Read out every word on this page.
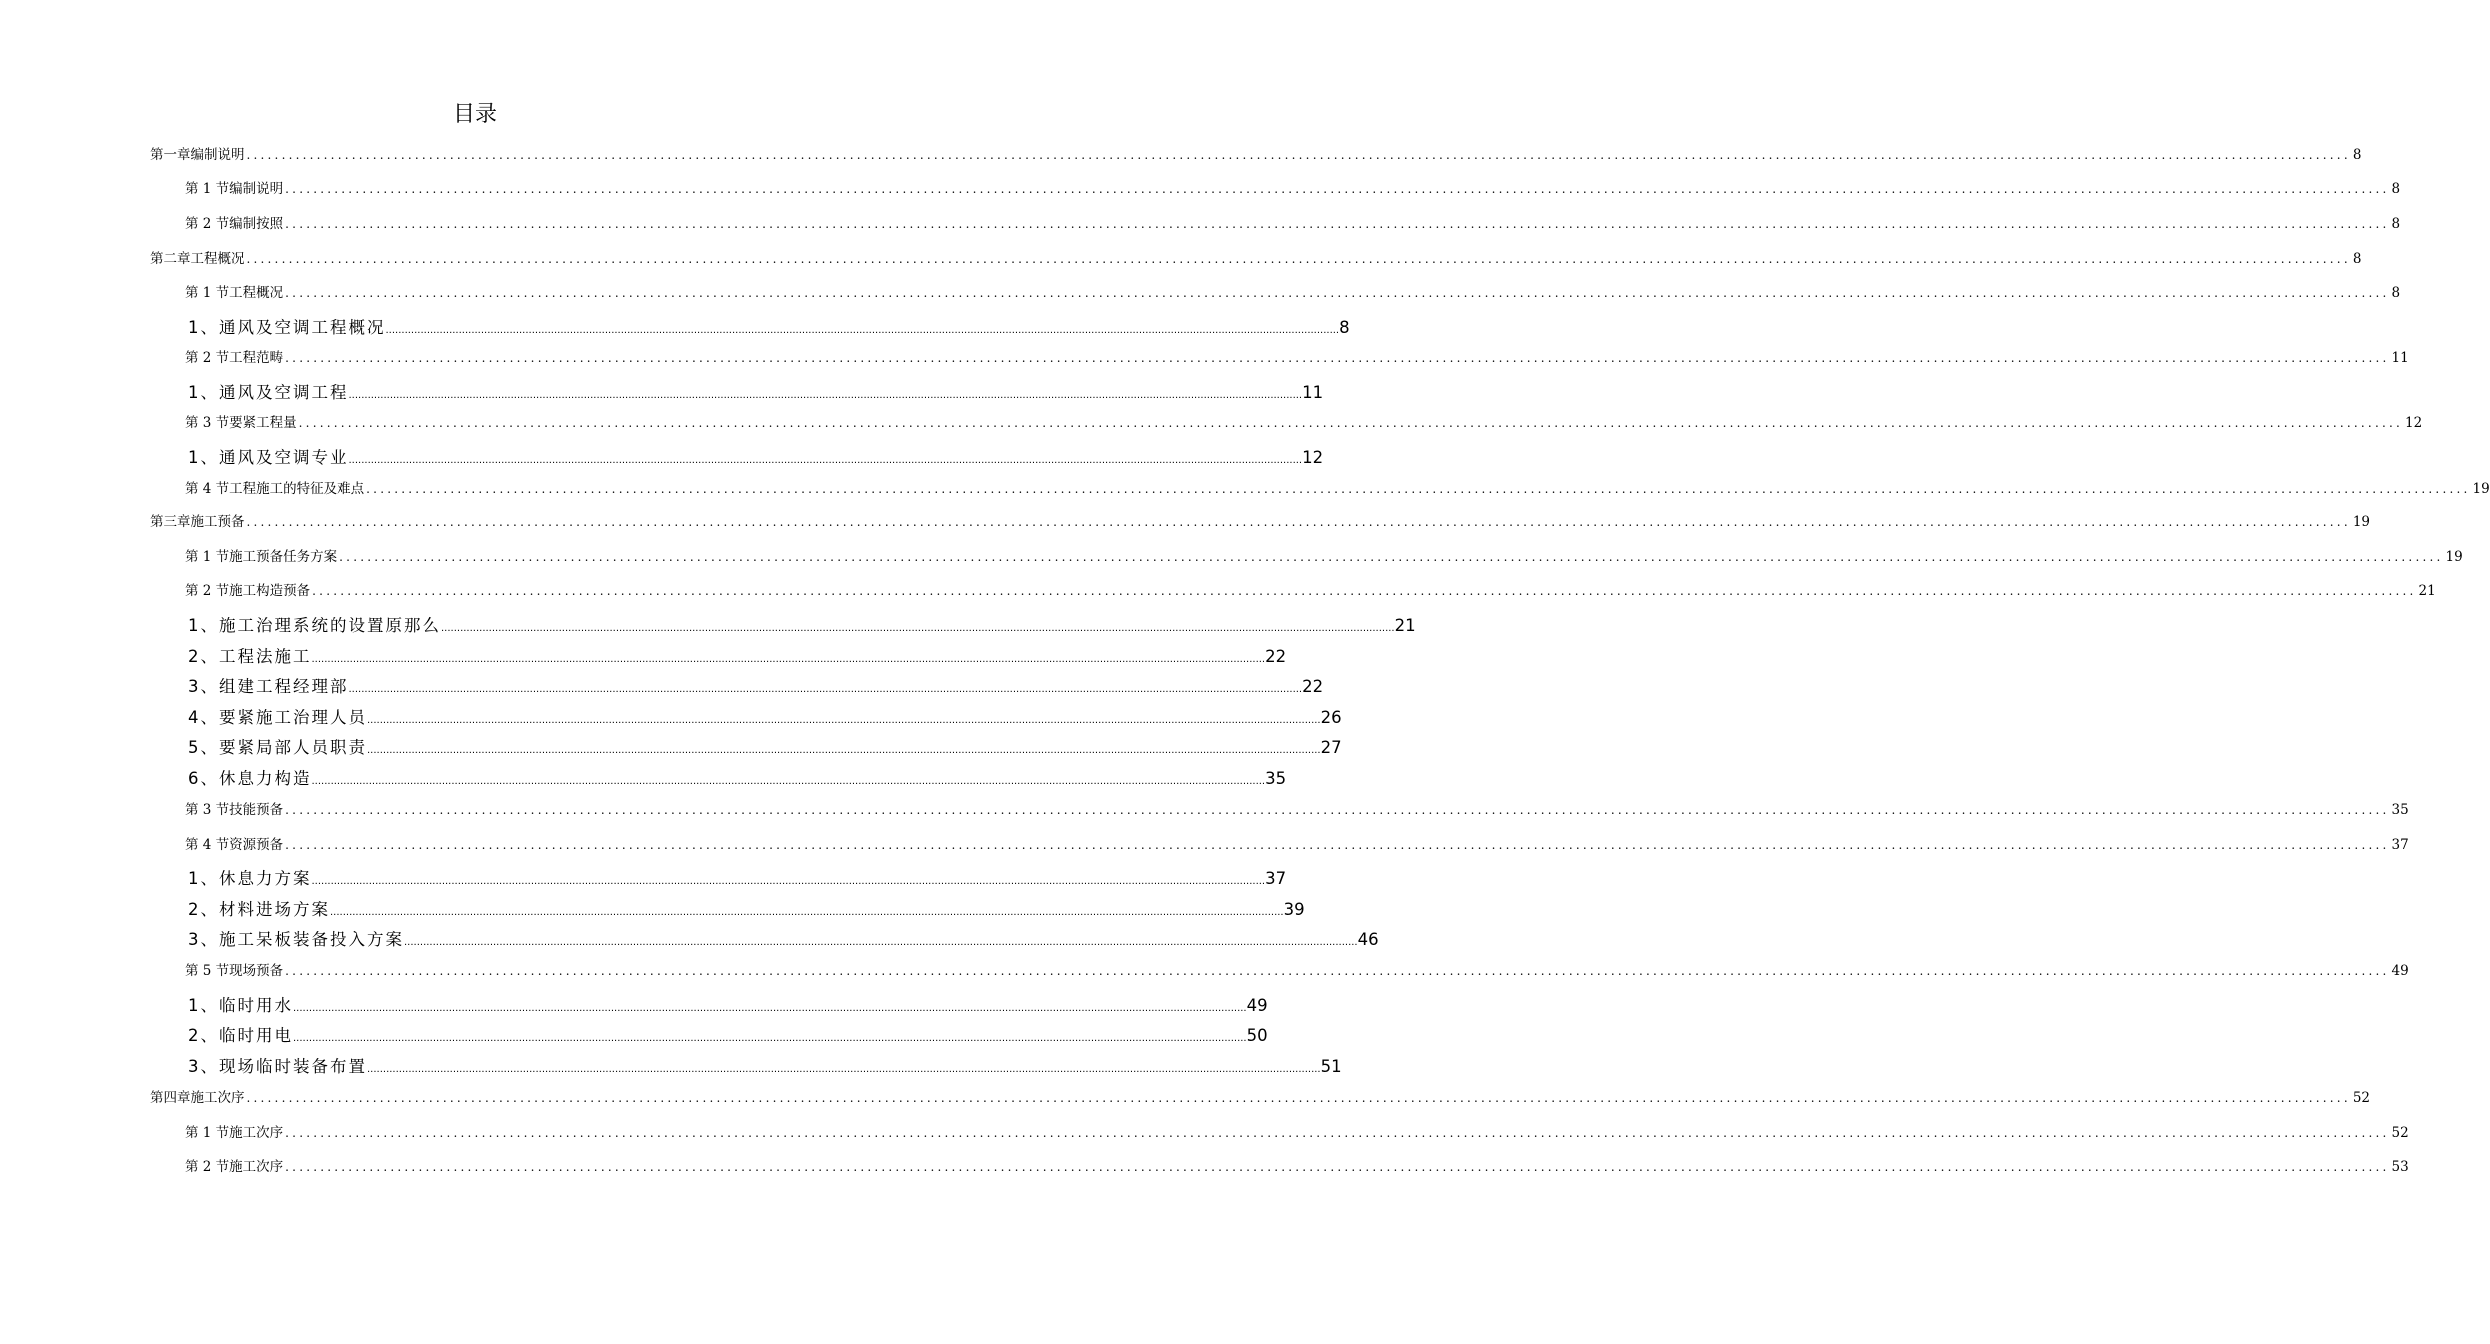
目录
第一章编制说明 ............................................................................................................................................................................................................................................................................................................ 8
第 1 节编制说明 ............................................................................................................................................................................................................................................................................................................ 8
第 2 节编制按照 ............................................................................................................................................................................................................................................................................................................ 8
第二章工程概况 ............................................................................................................................................................................................................................................................................................................ 8
第 1 节工程概况 ............................................................................................................................................................................................................................................................................................................ 8
1、通风及空调工程概况 ............................................................................................................................................................................................................................................................................................................ 8
第 2 节工程范畴 ............................................................................................................................................................................................................................................................................................................ 11
1、通风及空调工程 ............................................................................................................................................................................................................................................................................................................ 11
第 3 节要紧工程量 ............................................................................................................................................................................................................................................................................................................ 12
1、通风及空调专业 ............................................................................................................................................................................................................................................................................................................ 12
第 4 节工程施工的特征及难点 ............................................................................................................................................................................................................................................................................................................ 19
第三章施工预备 ............................................................................................................................................................................................................................................................................................................ 19
第 1 节施工预备任务方案 ............................................................................................................................................................................................................................................................................................................ 19
第 2 节施工构造预备 ............................................................................................................................................................................................................................................................................................................ 21
1、施工治理系统的设置原那么 ............................................................................................................................................................................................................................................................................................................ 21
2、工程法施工 ............................................................................................................................................................................................................................................................................................................ 22
3、组建工程经理部 ............................................................................................................................................................................................................................................................................................................ 22
4、要紧施工治理人员 ............................................................................................................................................................................................................................................................................................................ 26
5、要紧局部人员职责 ............................................................................................................................................................................................................................................................................................................ 27
6、休息力构造 ............................................................................................................................................................................................................................................................................................................ 35
第 3 节技能预备 ............................................................................................................................................................................................................................................................................................................ 35
第 4 节资源预备 ............................................................................................................................................................................................................................................................................................................ 37
1、休息力方案 ............................................................................................................................................................................................................................................................................................................ 37
2、材料进场方案 ............................................................................................................................................................................................................................................................................................................ 39
3、施工呆板装备投入方案 ............................................................................................................................................................................................................................................................................................................ 46
第 5 节现场预备 ............................................................................................................................................................................................................................................................................................................ 49
1、临时用水 ............................................................................................................................................................................................................................................................................................................ 49
2、临时用电 ............................................................................................................................................................................................................................................................................................................ 50
3、现场临时装备布置 ............................................................................................................................................................................................................................................................................................................ 51
第四章施工次序 ............................................................................................................................................................................................................................................................................................................ 52
第 1 节施工次序 ............................................................................................................................................................................................................................................................................................................ 52
第 2 节施工次序 ............................................................................................................................................................................................................................................................................................................ 53
